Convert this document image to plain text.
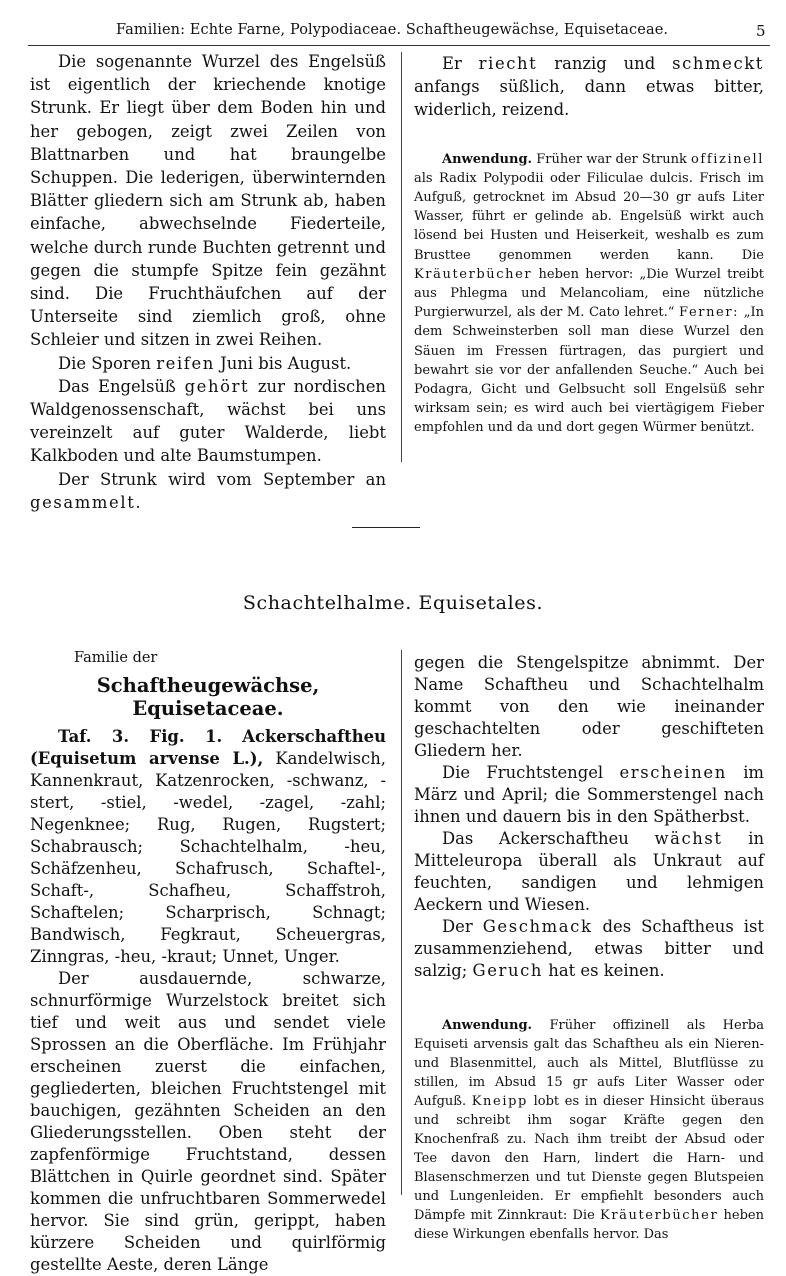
Familien: Echte Farne, Polypodiaceae. Schaftheugewächse, Equisetaceae.	5

Die sogenannte Wurzel des Engelsüß ist eigentlich der kriechende knotige Strunk. Er liegt über dem Boden hin und her gebogen, zeigt zwei Zeilen von Blattnarben und hat braungelbe Schuppen. Die lederigen, überwinternden Blätter gliedern sich am Strunk ab, haben einfache, abwechselnde Fiederteile, welche durch runde Buchten getrennt und gegen die stumpfe Spitze fein gezähnt sind. Die Fruchthäufchen auf der Unterseite sind ziemlich groß, ohne Schleier und sitzen in zwei Reihen.

Die Sporen reifen Juni bis August.

Das Engelsüß gehört zur nordischen Waldgenossenschaft, wächst bei uns vereinzelt auf guter Walderde, liebt Kalkboden und alte Baumstumpen.

Der Strunk wird vom September an gesammelt.

Er riecht ranzig und schmeckt anfangs süßlich, dann etwas bitter, widerlich, reizend.

Anwendung. Früher war der Strunk offizinell als Radix Polypodii oder Filiculae dulcis. Frisch im Aufguß, getrocknet im Absud 20—30 gr aufs Liter Wasser, führt er gelinde ab. Engelsüß wirkt auch lösend bei Husten und Heiserkeit, weshalb es zum Brusttee genommen werden kann. Die Kräuterbücher heben hervor: „Die Wurzel treibt aus Phlegma und Melancoliam, eine nützliche Purgierwurzel, als der M. Cato lehret.“ Ferner: „In dem Schweinsterben soll man diese Wurzel den Säuen im Fressen fürtragen, das purgiert und bewahrt sie vor der anfallenden Seuche.“ Auch bei Podagra, Gicht und Gelbsucht soll Engelsüß sehr wirksam sein; es wird auch bei viertägigem Fieber empfohlen und da und dort gegen Würmer benützt.

Schachtelhalme. Equisetales.
Familie der
Schaftheugewächse, Equisetaceae.

Taf. 3. Fig. 1. Ackerschaftheu (Equisetum arvense L.), Kandelwisch, Kannenkraut, Katzenrocken, -schwanz, -stert, -stiel, -wedel, -zagel, -zahl; Negenknee; Rug, Rugen, Rugstert; Schabrausch; Schachtelhalm, -heu, Schäfzenheu, Schafrusch, Schaftel-, Schaft-, Schafheu, Schaffstroh, Schaftelen; Scharprisch, Schnagt; Bandwisch, Fegkraut, Scheuergras, Zinngras, -heu, -kraut; Unnet, Unger.

Der ausdauernde, schwarze, schnurförmige Wurzelstock breitet sich tief und weit aus und sendet viele Sprossen an die Oberfläche. Im Frühjahr erscheinen zuerst die einfachen, gegliederten, bleichen Fruchtstengel mit bauchigen, gezähnten Scheiden an den Gliederungsstellen. Oben steht der zapfenförmige Fruchtstand, dessen Blättchen in Quirle geordnet sind. Später kommen die unfruchtbaren Sommerwedel hervor. Sie sind grün, gerippt, haben kürzere Scheiden und quirlförmig gestellte Aeste, deren Länge

gegen die Stengelspitze abnimmt. Der Name Schaftheu und Schachtelhalm kommt von den wie ineinander geschachtelten oder geschifteten Gliedern her.

Die Fruchtstengel erscheinen im März und April; die Sommerstengel nach ihnen und dauern bis in den Spätherbst.

Das Ackerschaftheu wächst in Mitteleuropa überall als Unkraut auf feuchten, sandigen und lehmigen Aeckern und Wiesen.

Der Geschmack des Schaftheus ist zusammenziehend, etwas bitter und salzig; Geruch hat es keinen.

Anwendung. Früher offizinell als Herba Equiseti arvensis galt das Schaftheu als ein Nieren- und Blasenmittel, auch als Mittel, Blutflüsse zu stillen, im Absud 15 gr aufs Liter Wasser oder Aufguß. Kneipp lobt es in dieser Hinsicht überaus und schreibt ihm sogar Kräfte gegen den Knochenfraß zu. Nach ihm treibt der Absud oder Tee davon den Harn, lindert die Harn- und Blasenschmerzen und tut Dienste gegen Blutspeien und Lungenleiden. Er empfiehlt besonders auch Dämpfe mit Zinnkraut: Die Kräuterbücher heben diese Wirkungen ebenfalls hervor. Das
